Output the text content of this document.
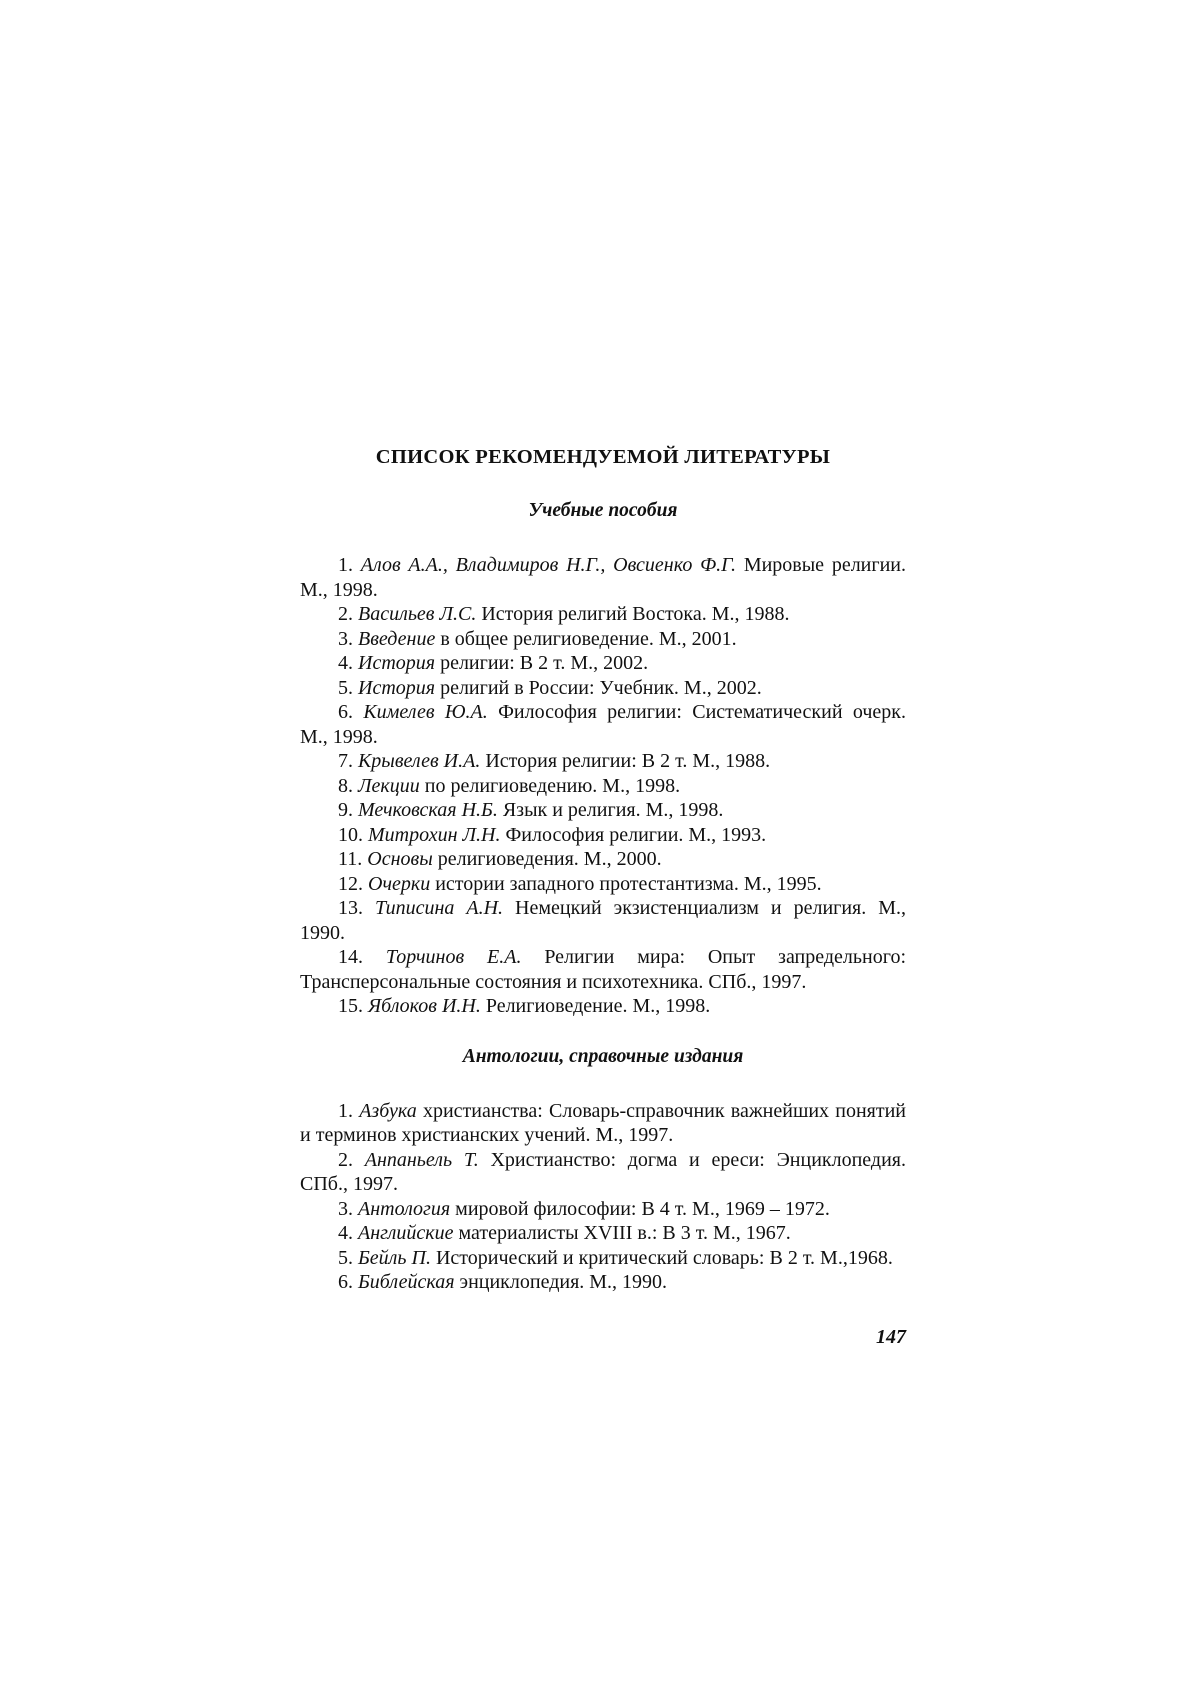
СПИСОК РЕКОМЕНДУЕМОЙ ЛИТЕРАТУРЫ
Учебные пособия

1. Алов А.А., Владимиров Н.Г., Овсиенко Ф.Г. Мировые религии. М., 1998.

2. Васильев Л.С. История религий Востока. М., 1988.

3. Введение в общее религиоведение. М., 2001.

4. История религии: В 2 т. М., 2002.

5. История религий в России: Учебник. М., 2002.

6. Кимелев Ю.А. Философия религии: Систематический очерк. М., 1998.

7. Крывелев И.А. История религии: В 2 т. М., 1988.

8. Лекции по религиоведению. М., 1998.

9. Мечковская Н.Б. Язык и религия. М., 1998.

10. Митрохин Л.Н. Философия религии. М., 1993.

11. Основы религиоведения. М., 2000.

12. Очерки истории западного протестантизма. М., 1995.

13. Типисина А.Н. Немецкий экзистенциализм и религия. М., 1990.

14. Торчинов Е.А. Религии мира: Опыт запредельного: Трансперсональные состояния и психотехника. СПб., 1997.

15. Яблоков И.Н. Религиоведение. М., 1998.

Антологии, справочные издания

1. Азбука христианства: Словарь-справочник важнейших понятий и терминов христианских учений. М., 1997.

2. Анпаньель Т. Христианство: догма и ереси: Энциклопедия. СПб., 1997.

3. Антология мировой философии: В 4 т. М., 1969 – 1972.

4. Английские материалисты XVIII в.: В 3 т. М., 1967.

5. Бейль П. Исторический и критический словарь: В 2 т. М.,1968.

6. Библейская энциклопедия. М., 1990.

147
